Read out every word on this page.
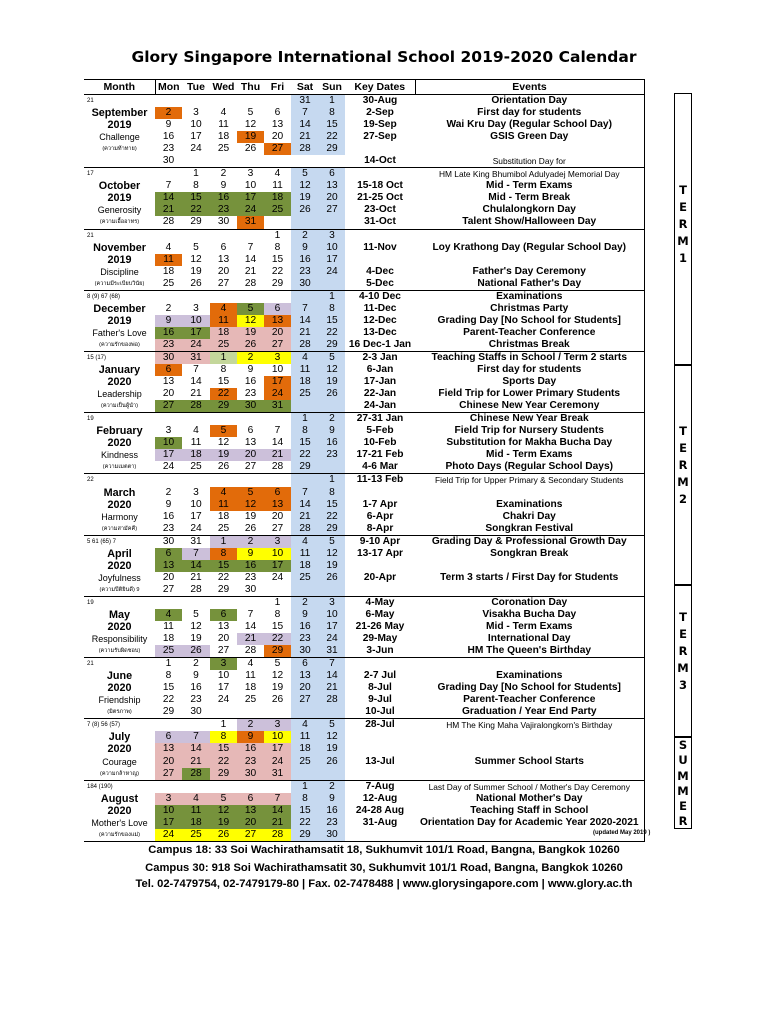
Glory Singapore International School 2019-2020 Calendar
Month	Mon	Tue	Wed	Thu	Fri	Sat	Sun	Key Dates	Events
21						31	1	30-Aug	Orientation Day
September	2	3	4	5	6	7	8	2-Sep	First day for students
2019	9	10	11	12	13	14	15	19-Sep	Wai Kru Day (Regular School Day)
Challenge	16	17	18	19	20	21	22	27-Sep	GSIS Green Day
(ความท้าทาย)	23	24	25	26	27	28	29		
	30							14-Oct	Substitution Day for
17		1	2	3	4	5	6		HM Late King Bhumibol Adulyadej Memorial Day
October	7	8	9	10	11	12	13	15-18 Oct	Mid - Term Exams
2019	14	15	16	17	18	19	20	21-25 Oct	Mid - Term Break
Generosity	21	22	23	24	25	26	27	23-Oct	Chulalongkorn Day
(ความเอื้ออาทร)	28	29	30	31				31-Oct	Talent Show/Halloween Day
21					1	2	3		
November	4	5	6	7	8	9	10	11-Nov	Loy Krathong Day (Regular School Day)
2019	11	12	13	14	15	16	17		
Discipline	18	19	20	21	22	23	24	4-Dec	Father's Day Ceremony
(ความมีระเบียบวินัย)	25	26	27	28	29	30		5-Dec	National Father's Day
8 (9) 67 (68)							1	4-10 Dec	Examinations
December	2	3	4	5	6	7	8	11-Dec	Christmas Party
2019	9	10	11	12	13	14	15	12-Dec	Grading Day [No School for Students]
Father's Love	16	17	18	19	20	21	22	13-Dec	Parent-Teacher Conference
(ความรักของพ่อ)	23	24	25	26	27	28	29	16 Dec-1 Jan	Christmas Break
15 (17)	30	31	1	2	3	4	5	2-3 Jan	Teaching Staffs in School / Term 2 starts
January	6	7	8	9	10	11	12	6-Jan	First day for students
2020	13	14	15	16	17	18	19	17-Jan	Sports Day
Leadership	20	21	22	23	24	25	26	22-Jan	Field Trip for Lower Primary Students
(ความเป็นผู้นำ)	27	28	29	30	31			24-Jan	Chinese New Year Ceremony
19						1	2	27-31 Jan	Chinese New Year Break
February	3	4	5	6	7	8	9	5-Feb	Field Trip for Nursery Students
2020	10	11	12	13	14	15	16	10-Feb	Substitution for Makha Bucha Day
Kindness	17	18	19	20	21	22	23	17-21 Feb	Mid - Term Exams
(ความเมตตา)	24	25	26	27	28	29		4-6 Mar	Photo Days (Regular School Days)
22							1	11-13 Feb	Field Trip for Upper Primary & Secondary Students
March	2	3	4	5	6	7	8		
2020	9	10	11	12	13	14	15	1-7 Apr	Examinations
Harmony	16	17	18	19	20	21	22	6-Apr	Chakri Day
(ความสามัคคี)	23	24	25	26	27	28	29	8-Apr	Songkran Festival
5 61 (65) 7	30	31	1	2	3	4	5	9-10 Apr	Grading Day & Professional Growth Day
April	6	7	8	9	10	11	12	13-17 Apr	Songkran Break
2020	13	14	15	16	17	18	19		
Joyfulness	20	21	22	23	24	25	26	20-Apr	Term 3 starts / First Day for Students
(ความปีติยินดี) 9	27	28	29	30					
19					1	2	3	4-May	Coronation Day
May	4	5	6	7	8	9	10	6-May	Visakha Bucha Day
2020	11	12	13	14	15	16	17	21-26 May	Mid - Term Exams
Responsibility	18	19	20	21	22	23	24	29-May	International Day
(ความรับผิดชอบ)	25	26	27	28	29	30	31	3-Jun	HM The Queen's Birthday
21	1	2	3	4	5	6	7		
June	8	9	10	11	12	13	14	2-7 Jul	Examinations
2020	15	16	17	18	19	20	21	8-Jul	Grading Day [No School for Students]
Friendship	22	23	24	25	26	27	28	9-Jul	Parent-Teacher Conference
(มิตรภาพ)	29	30						10-Jul	Graduation / Year End Party
7 (8) 56 (57)			1	2	3	4	5	28-Jul	HM The King Maha Vajiralongkorn's Birthday
July	6	7	8	9	10	11	12		
2020	13	14	15	16	17	18	19		
Courage	20	21	22	23	24	25	26	13-Jul	Summer School Starts
(ความกล้าหาญ)	27	28	29	30	31				
184 (190)						1	2	7-Aug	Last Day of Summer School / Mother's Day Ceremony
August	3	4	5	6	7	8	9	12-Aug	National Mother's Day
2020	10	11	12	13	14	15	16	24-28 Aug	Teaching Staff in School
Mother's Love	17	18	19	20	21	22	23	31-Aug	Orientation Day for Academic Year 2020-2021
(ความรักของแม่)	24	25	26	27	28	29	30		
T
E
R
M
1
T
E
R
M
2
T
E
R
M
3
S
U
M
M
E
R
(updated May 2019 )
Campus 18: 33 Soi Wachirathamsatit 18, Sukhumvit 101/1 Road, Bangna, Bangkok 10260
Campus 30: 918 Soi Wachirathamsatit 30, Sukhumvit 101/1 Road, Bangna, Bangkok 10260
Tel. 02-7479754, 02-7479179-80 | Fax. 02-7478488 | www.glorysingapore.com | www.glory.ac.th
